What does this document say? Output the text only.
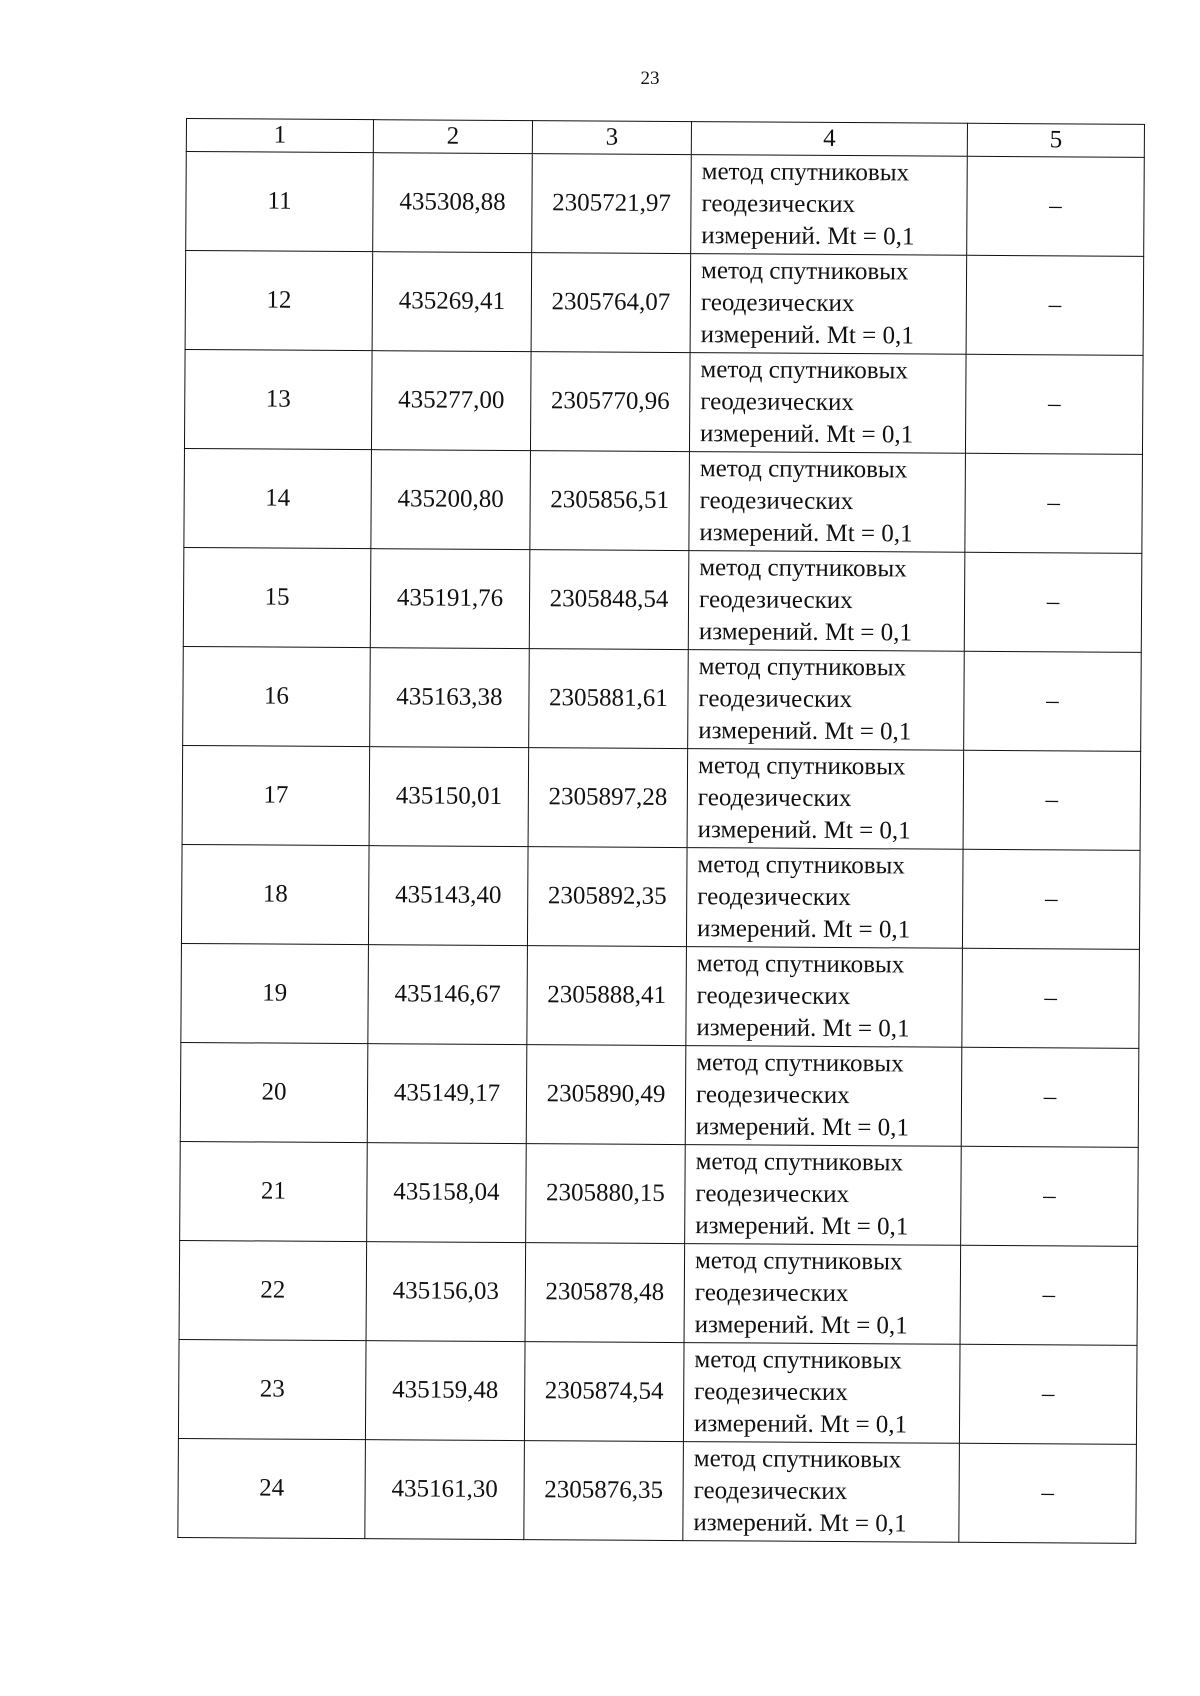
23
1	2	3	4	5
11	435308,88	2305721,97	метод спутниковых
геодезических
измерений. Mt = 0,1	–
12	435269,41	2305764,07	метод спутниковых
геодезических
измерений. Mt = 0,1	–
13	435277,00	2305770,96	метод спутниковых
геодезических
измерений. Mt = 0,1	–
14	435200,80	2305856,51	метод спутниковых
геодезических
измерений. Mt = 0,1	–
15	435191,76	2305848,54	метод спутниковых
геодезических
измерений. Mt = 0,1	–
16	435163,38	2305881,61	метод спутниковых
геодезических
измерений. Mt = 0,1	–
17	435150,01	2305897,28	метод спутниковых
геодезических
измерений. Mt = 0,1	–
18	435143,40	2305892,35	метод спутниковых
геодезических
измерений. Mt = 0,1	–
19	435146,67	2305888,41	метод спутниковых
геодезических
измерений. Mt = 0,1	–
20	435149,17	2305890,49	метод спутниковых
геодезических
измерений. Mt = 0,1	–
21	435158,04	2305880,15	метод спутниковых
геодезических
измерений. Mt = 0,1	–
22	435156,03	2305878,48	метод спутниковых
геодезических
измерений. Mt = 0,1	–
23	435159,48	2305874,54	метод спутниковых
геодезических
измерений. Mt = 0,1	–
24	435161,30	2305876,35	метод спутниковых
геодезических
измерений. Mt = 0,1	–
